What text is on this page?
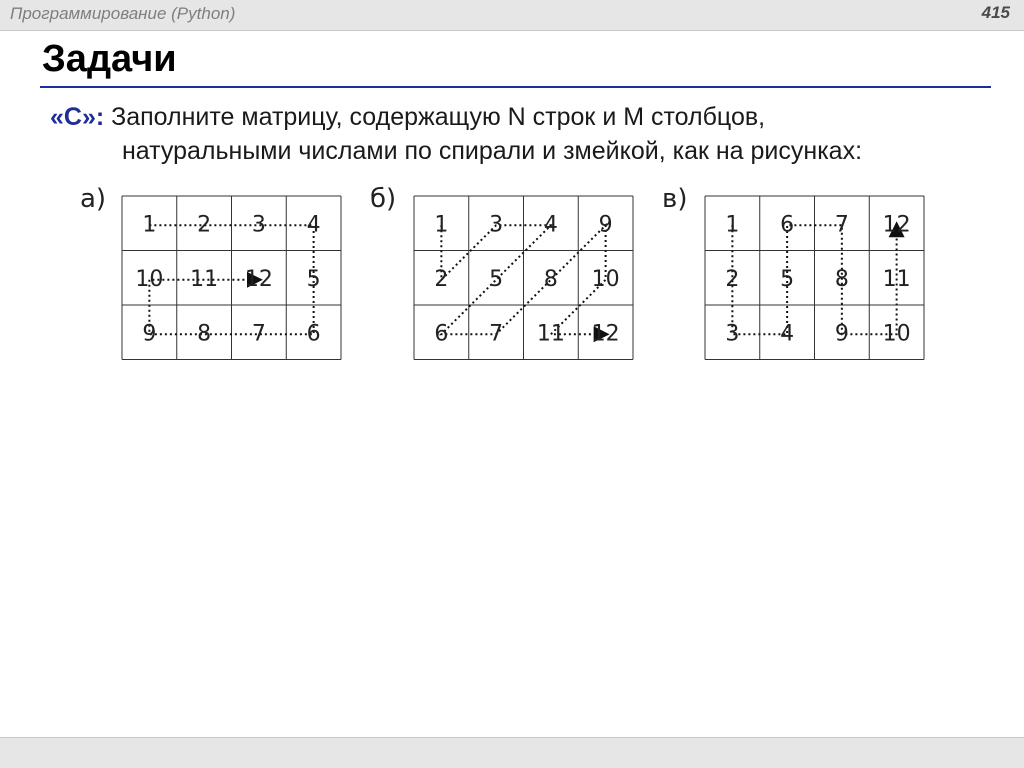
Программирование (Python)	415
Задачи
«С»: Заполните матрицу, содержащую N строк и M столбцов,
натуральными числами по спирали и змейкой, как на рисунках:
а)
1 2 3 4
10 11 12 5
9 8 7 6
б)
1 3 4 9
2 5 8 10
6 7 11 12
в)
1 6 7 12
2 5 8 11
3 4 9 10
